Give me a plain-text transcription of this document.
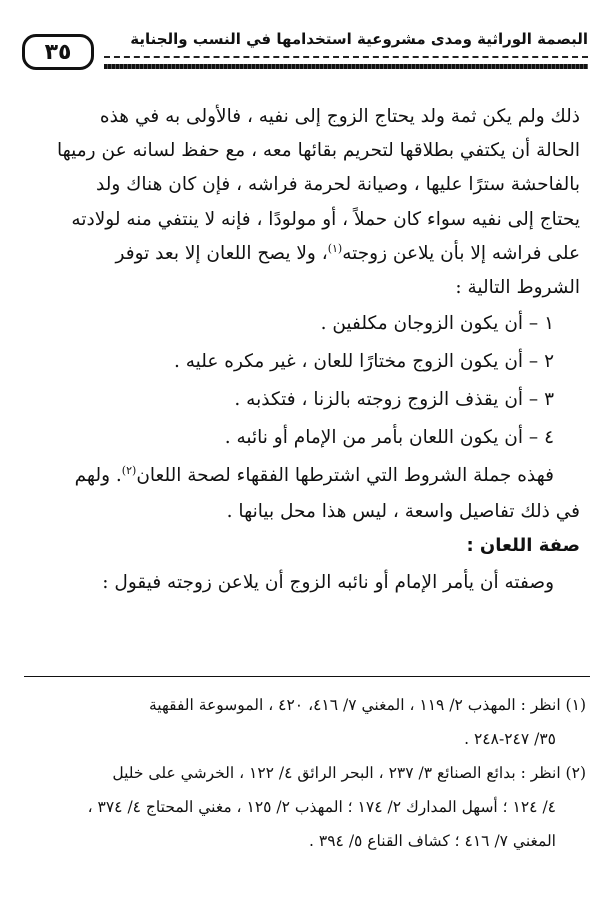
٣٥
البصمة الوراثية ومدى مشروعية استخدامها في النسب والجناية

ذلك ولم يكن ثمة ولد يحتاج الزوج إلى نفيه ، فالأولى به في هذه

الحالة أن يكتفي بطلاقها لتحريم بقائها معه ، مع حفظ لسانه عن رميها

بالفاحشة سترًا عليها ، وصيانة لحرمة فراشه ، فإن كان هناك ولد

يحتاج إلى نفيه سواء كان حملاً ، أو مولودًا ، فإنه لا ينتفي منه لولادته

على فراشه إلا بأن يلاعن زوجته$^{(١)}$، ولا يصح اللعان إلا بعد توفر

الشروط التالية :

١ – أن يكون الزوجان مكلفين .

٢ – أن يكون الزوج مختارًا للعان ، غير مكره عليه .

٣ – أن يقذف الزوج زوجته بالزنا ، فتكذبه .

٤ – أن يكون اللعان بأمر من الإمام أو نائبه .

فهذه جملة الشروط التي اشترطها الفقهاء لصحة اللعان$^{(٢)}$. ولهم

في ذلك تفاصيل واسعة ، ليس هذا محل بيانها .

صفة اللعان :

وصفته أن يأمر الإمام أو نائبه الزوج أن يلاعن زوجته فيقول :

(١) انظر : المهذب ٢/ ١١٩ ، المغني ٧/ ٤١٦، ٤٢٠ ، الموسوعة الفقهية

٣٥/ ٢٤٧-٢٤٨ .

(٢) انظر : بدائع الصنائع ٣/ ٢٣٧ ، البحر الرائق ٤/ ١٢٢ ، الخرشي على خليل

٤/ ١٢٤ ؛ أسهل المدارك ٢/ ١٧٤ ؛ المهذب ٢/ ١٢٥ ، مغني المحتاج ٤/ ٣٧٤ ،

المغني ٧/ ٤١٦ ؛ كشاف القناع ٥/ ٣٩٤ .
